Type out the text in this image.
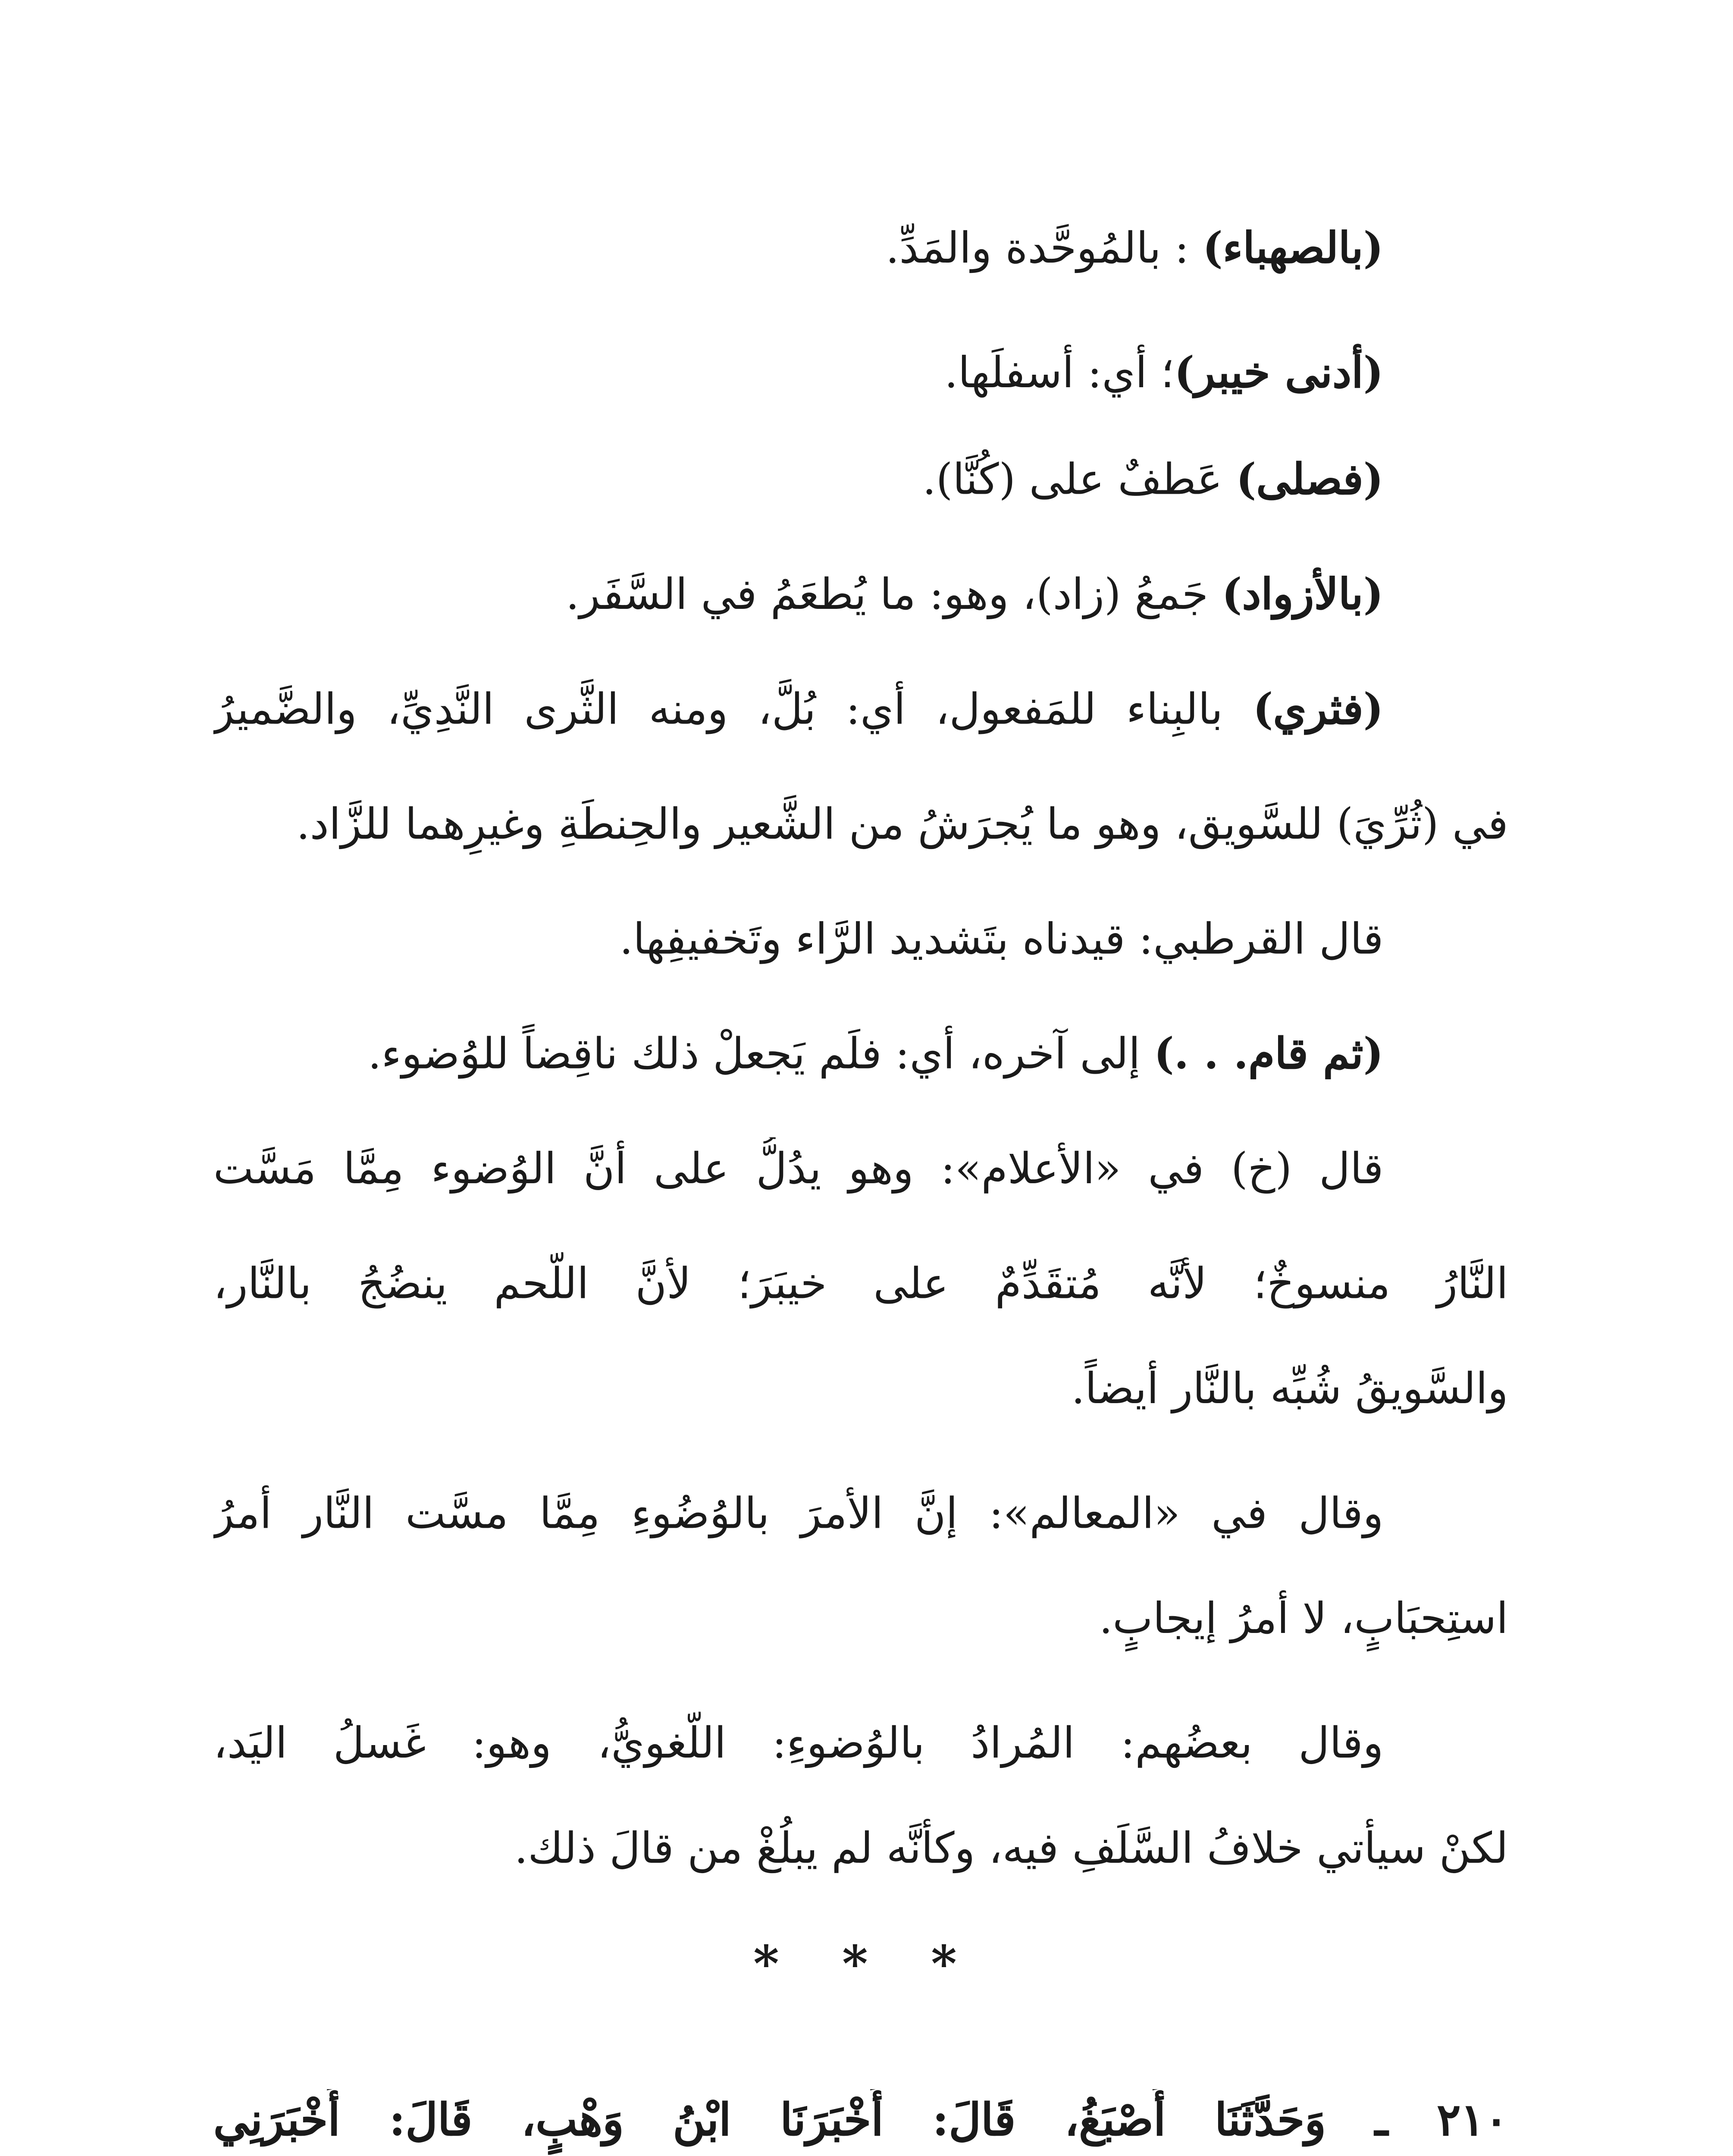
(بالصهباء) : بالمُوحَّدة والمَدِّ.
(أدنى خيبر)؛ أي: أسفلَها.
(فصلى) عَطفٌ على (كُنَّا).
(بالأزواد) جَمعُ (زاد)، وهو: ما يُطعَمُ في السَّفَر.
(فثري) بالبِناء للمَفعول، أي: بُلَّ، ومنه الثَّرى النَّدِيِّ، والضَّميرُ
في (ثُرِّيَ) للسَّويق، وهو ما يُجرَشُ من الشَّعير والحِنطَةِ وغيرِهما للزَّاد.
قال القرطبي: قيدناه بتَشديد الرَّاء وتَخفيفِها.
(ثم قام. . .) إلى آخره، أي: فلَم يَجعلْ ذلك ناقِضاً للوُضوء.
قال (خ) في «الأعلام»: وهو يدُلُّ على أنَّ الوُضوء مِمَّا مَسَّت
النَّارُ منسوخٌ؛ لأنَّه مُتقَدِّمٌ على خيبَرَ؛ لأنَّ اللَّحم ينضُجُ بالنَّار،
والسَّويقُ شُبِّه بالنَّار أيضاً.
وقال في «المعالم»: إنَّ الأمرَ بالوُضُوءِ مِمَّا مسَّت النَّار أمرُ
استِحبَابٍ، لا أمرُ إيجابٍ.
وقال بعضُهم: المُرادُ بالوُضوءِ: اللُّغويُّ، وهو: غَسلُ اليَد،
لكنْ سيأتي خلافُ السَّلَفِ فيه، وكأنَّه لم يبلُغْ من قالَ ذلك.
* * *
٢١٠ ـ وَحَدَّثَنَا أَصْبَغُ، قَالَ: أَخْبَرَنَا ابْنُ وَهْبٍ، قَالَ: أَخْبَرَنِي
